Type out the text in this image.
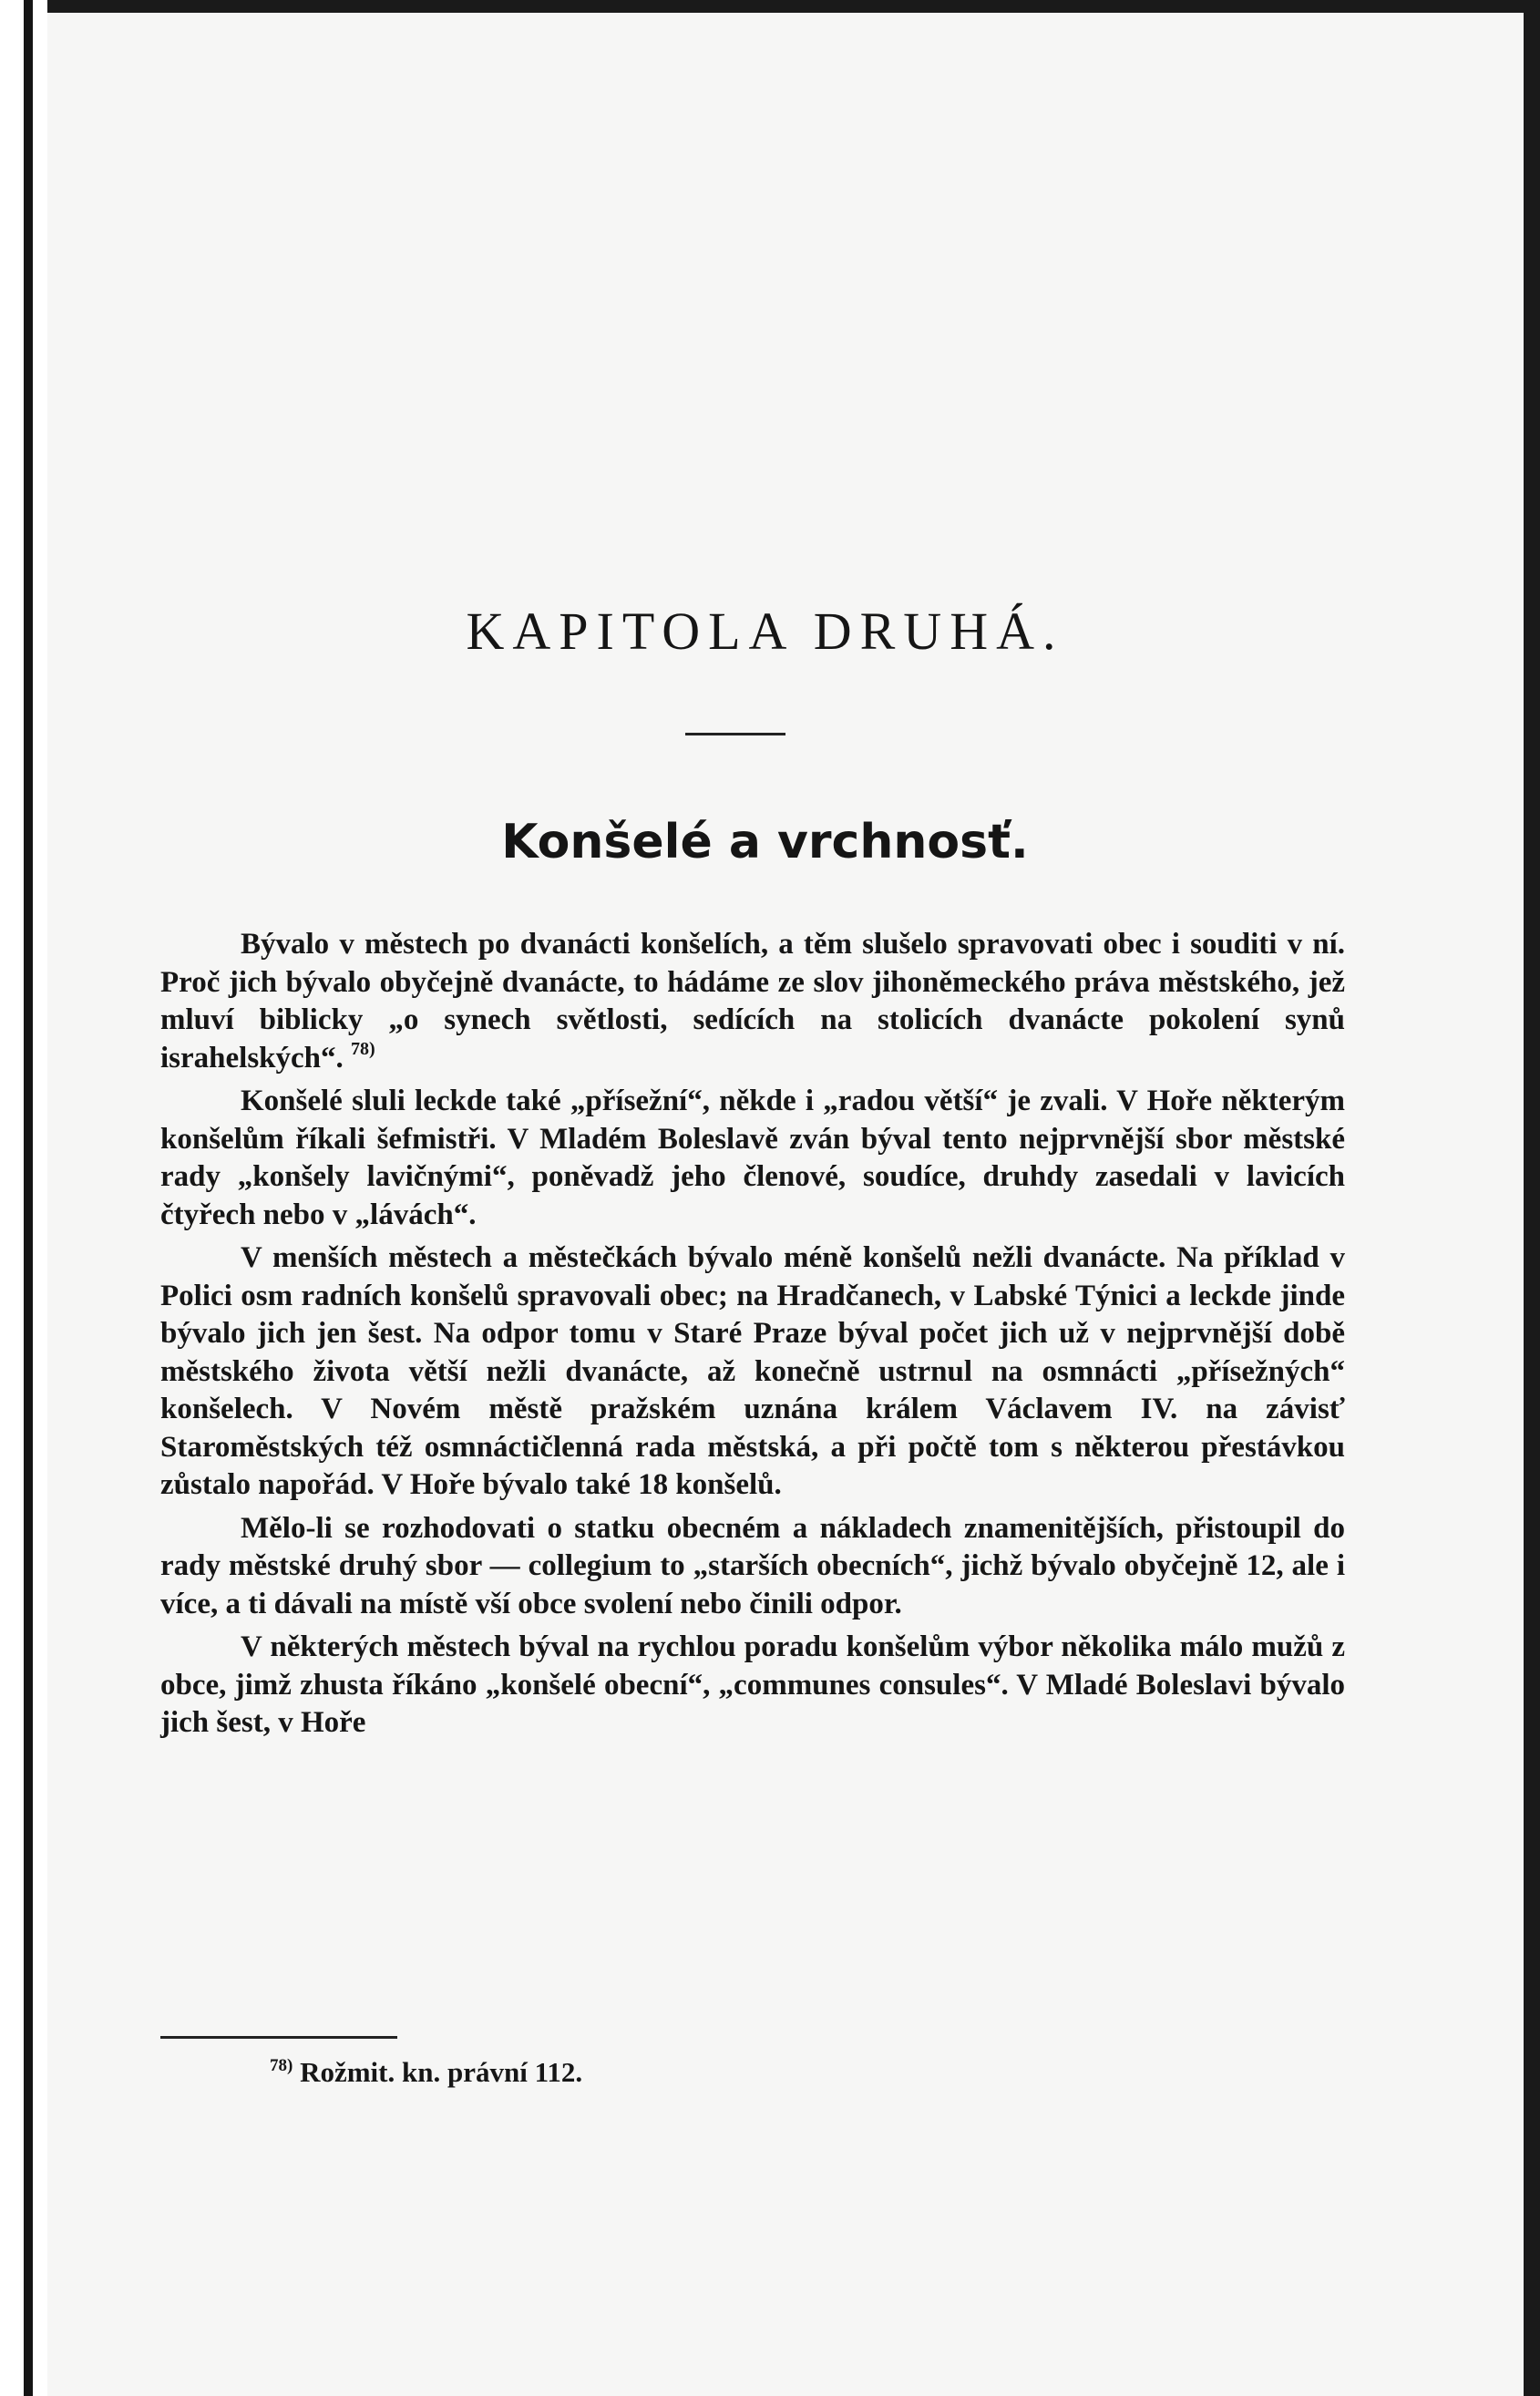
KAPITOLA DRUHÁ.
Konšelé a vrchnosť.

Bývalo v městech po dvanácti konšelích, a těm slušelo spravovati obec i souditi v ní. Proč jich bývalo obyčejně dvanácte, to hádáme ze slov jihoněmeckého práva městského, jež mluví biblicky „o synech světlosti, sedících na stolicích dvanácte pokolení synů israhelských“. $^{78)}$

Konšelé sluli leckde také „přísežní“, někde i „radou větší“ je zvali. V Hoře některým konšelům říkali šefmistři. V Mladém Boleslavě zván býval tento nejprvnější sbor městské rady „konšely lavičnými“, poněvadž jeho členové, soudíce, druhdy zasedali v lavicích čtyřech nebo v „lávách“.

V menších městech a městečkách bývalo méně konšelů nežli dvanácte. Na příklad v Polici osm radních konšelů spravovali obec; na Hradčanech, v Labské Týnici a leckde jinde bývalo jich jen šest. Na odpor tomu v Staré Praze býval počet jich už v nejprvnější době městského života větší nežli dvanácte, až konečně ustrnul na osmnácti „přísežných“ konšelech. V Novém městě pražském uznána králem Václavem IV. na závisť Staroměstských též osmnáctičlenná rada městská, a při počtě tom s některou přestávkou zůstalo napořád. V Hoře bývalo také 18 konšelů.

Mělo-li se rozhodovati o statku obecném a nákladech znamenitějších, přistoupil do rady městské druhý sbor — collegium to „starších obecních“, jichž bývalo obyčejně 12, ale i více, a ti dávali na místě vší obce svolení nebo činili odpor.

V některých městech býval na rychlou poradu konšelům výbor několika málo mužů z obce, jimž zhusta říkáno „konšelé obecní“, „communes consules“. V Mladé Boleslavi bývalo jich šest, v Hoře

$^{78)}$ Rožmit. kn. právní 112.
